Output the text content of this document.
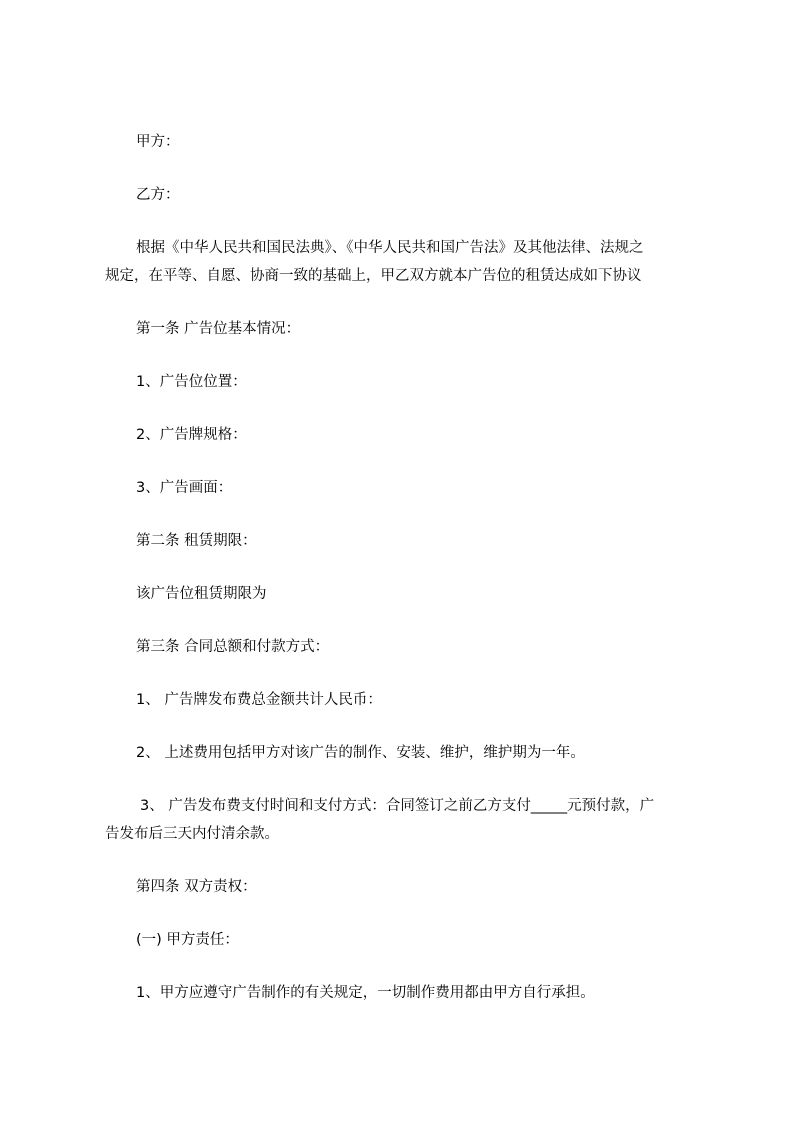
甲方：
乙方：
根据《中华人民共和国民法典》、《中华人民共和国广告法》及其他法律、法规之
规定，在平等、自愿、协商一致的基础上，甲乙双方就本广告位的租赁达成如下协议
第一条 广告位基本情况：
1、广告位位置：
2、广告牌规格：
3、广告画面：
第二条 租赁期限：
该广告位租赁期限为
第三条 合同总额和付款方式：
1、 广告牌发布费总金额共计人民币：
2、 上述费用包括甲方对该广告的制作、安装、维护，维护期为一年。
3、 广告发布费支付时间和支付方式：合同签订之前乙方支付_____元预付款，广
告发布后三天内付清余款。
第四条 双方责权：
(一) 甲方责任：
1、甲方应遵守广告制作的有关规定，一切制作费用都由甲方自行承担。
